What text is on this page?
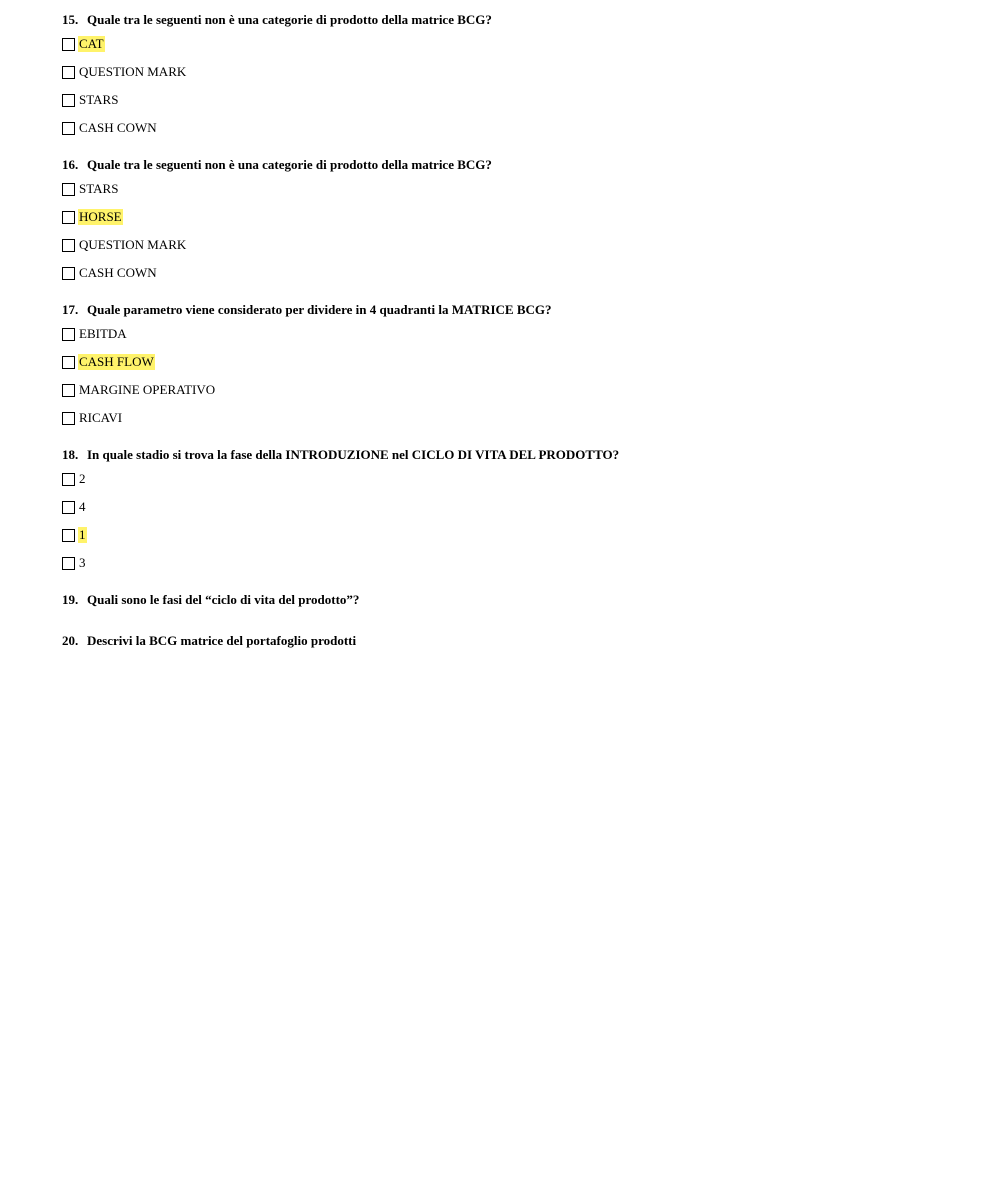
15. Quale tra le seguenti non è una categorie di prodotto della matrice BCG?
CAT
QUESTION MARK
STARS
CASH COWN
16. Quale tra le seguenti non è una categorie di prodotto della matrice BCG?
STARS
HORSE
QUESTION MARK
CASH COWN
17. Quale parametro viene considerato per dividere in 4 quadranti la MATRICE BCG?
EBITDA
CASH FLOW
MARGINE OPERATIVO
RICAVI
18. In quale stadio si trova la fase della INTRODUZIONE nel CICLO DI VITA DEL PRODOTTO?
2
4
1
3
19. Quali sono le fasi del “ciclo di vita del prodotto”?
20. Descrivi la BCG matrice del portafoglio prodotti
